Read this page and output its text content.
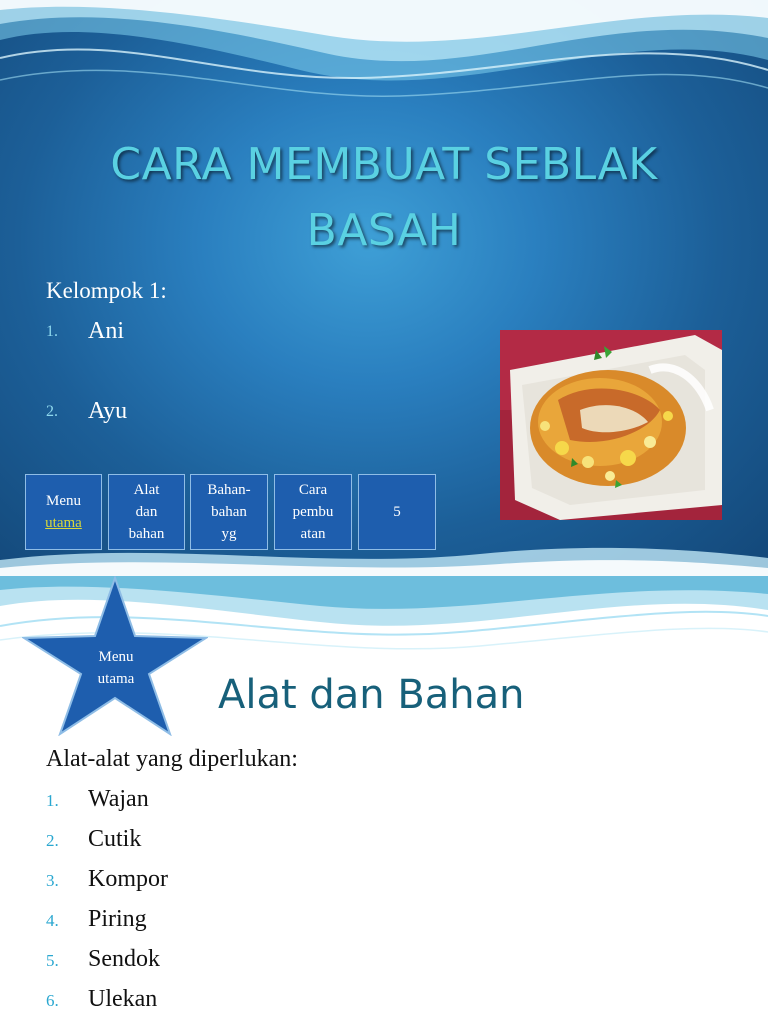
CARA MEMBUAT SEBLAK BASAH
Kelompok 1:
1. Ani
2. Ayu
Menu
utama
Alat
dan
bahan
Bahan-
bahan
yg
Cara
pembu
atan
5
Menu
utama	Alat dan Bahan
Alat-alat yang diperlukan:
1. Wajan
2. Cutik
3. Kompor
4. Piring
5. Sendok
6. Ulekan
